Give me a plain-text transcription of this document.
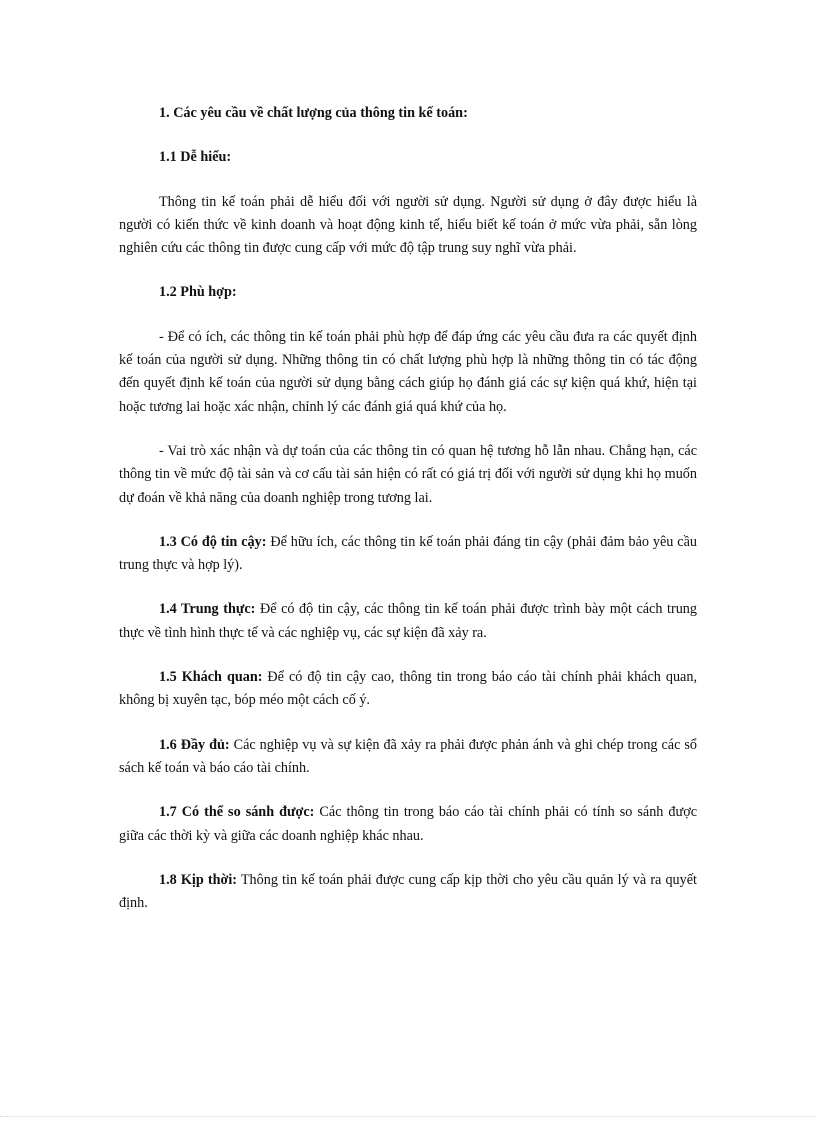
1. Các yêu cầu về chất lượng của thông tin kế toán:
1.1 Dễ hiểu:

Thông tin kế toán phải dễ hiểu đối với người sử dụng. Người sử dụng ở đây được hiểu là người có kiến thức về kinh doanh và hoạt động kinh tế, hiểu biết kế toán ở mức vừa phải, sẵn lòng nghiên cứu các thông tin được cung cấp với mức độ tập trung suy nghĩ vừa phải.

1.2 Phù hợp:

- Để có ích, các thông tin kế toán phải phù hợp để đáp ứng các yêu cầu đưa ra các quyết định kế toán của người sử dụng. Những thông tin có chất lượng phù hợp là những thông tin có tác động đến quyết định kế toán của người sử dụng bằng cách giúp họ đánh giá các sự kiện quá khứ, hiện tại hoặc tương lai hoặc xác nhận, chỉnh lý các đánh giá quá khứ của họ.

- Vai trò xác nhận và dự toán của các thông tin có quan hệ tương hỗ lẫn nhau. Chẳng hạn, các thông tin về mức độ tài sản và cơ cấu tài sản hiện có rất có giá trị đối với người sử dụng khi họ muốn dự đoán về khả năng của doanh nghiệp trong tương lai.

1.3 Có độ tin cậy: Để hữu ích, các thông tin kế toán phải đáng tin cậy (phải đảm bảo yêu cầu trung thực và hợp lý).

1.4 Trung thực: Để có độ tin cậy, các thông tin kế toán phải được trình bày một cách trung thực về tình hình thực tế và các nghiệp vụ, các sự kiện đã xảy ra.

1.5 Khách quan: Để có độ tin cậy cao, thông tin trong báo cáo tài chính phải khách quan, không bị xuyên tạc, bóp méo một cách cố ý.

1.6 Đầy đủ: Các nghiệp vụ và sự kiện đã xảy ra phải được phản ánh và ghi chép trong các sổ sách kế toán và báo cáo tài chính.

1.7 Có thể so sánh được: Các thông tin trong báo cáo tài chính phải có tính so sánh được giữa các thời kỳ và giữa các doanh nghiệp khác nhau.

1.8 Kịp thời: Thông tin kế toán phải được cung cấp kịp thời cho yêu cầu quản lý và ra quyết định.
